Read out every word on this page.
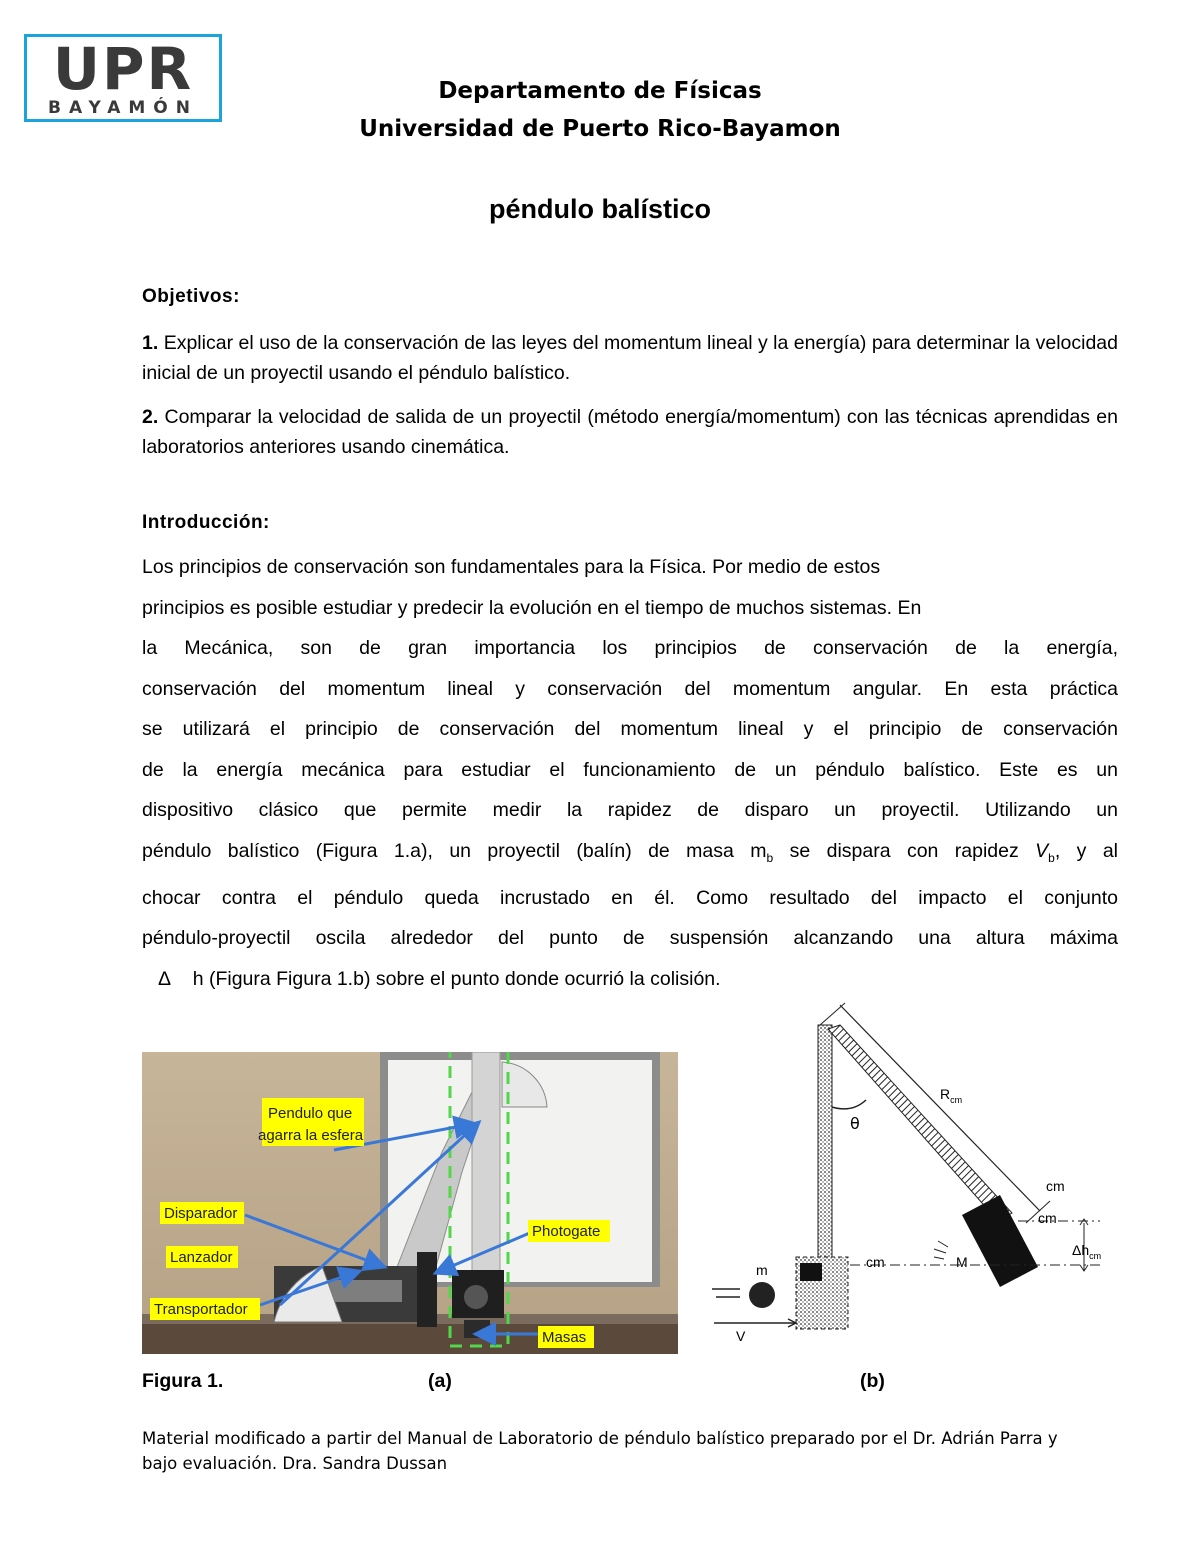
UPR
BAYAMÓN
Departamento de Físicas
Universidad de Puerto Rico-Bayamon
péndulo balístico
Objetivos:
1. Explicar el uso de la conservación de las leyes del momentum lineal y la energía) para determinar la velocidad inicial de un proyectil usando el péndulo balístico.
2. Comparar la velocidad de salida de un proyectil (método energía/momentum) con las técnicas aprendidas en laboratorios anteriores usando cinemática.
Introducción:
Los principios de conservación son fundamentales para la Física. Por medio de estos
principios es posible estudiar y predecir la evolución en el tiempo de muchos sistemas. En
la Mecánica, son de gran importancia los principios de conservación de la energía,
conservación del momentum lineal y conservación del momentum angular. En esta práctica
se utilizará el principio de conservación del momentum lineal y el principio de conservación
de la energía mecánica para estudiar el funcionamiento de un péndulo balístico. Este es un
dispositivo clásico que permite medir la rapidez de disparo un proyectil. Utilizando un
péndulo balístico (Figura 1.a), un proyectil (balín) de masa $m_b$ se dispara con rapidez $V_b$, y al
chocar contra el péndulo queda incrustado en él. Como resultado del impacto el conjunto
péndulo-proyectil oscila alrededor del punto de suspensión alcanzando una altura máxima
Δ h (Figura Figura 1.b) sobre el punto donde ocurrió la colisión.
Pendulo que
agarra la esfera
Disparador
Lanzador
Transportador
Photogate
Masas
$R_{cm}$
θ
cm
cm
cm
$\Delta h_{cm}$
M
m
V
Figura 1.	(a)	(b)
Material modificado a partir del Manual de Laboratorio de péndulo balístico preparado por el Dr. Adrián Parra y
bajo evaluación. Dra. Sandra Dussan
